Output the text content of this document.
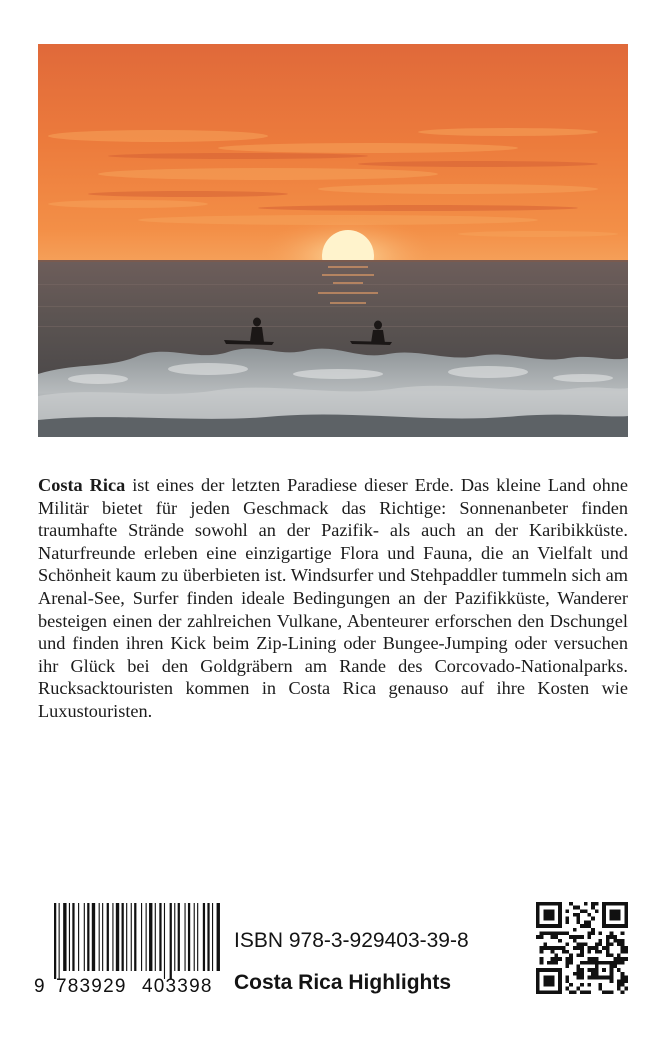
Costa Rica ist eines der letzten Paradiese dieser Erde. Das kleine Land ohne Militär bietet für jeden Geschmack das Richtige: Sonnenanbeter finden traumhafte Strände sowohl an der Pazifik- als auch an der Karibikküste. Naturfreunde erleben eine einzigartige Flora und Fauna, die an Vielfalt und Schönheit kaum zu überbieten ist. Windsurfer und Stehpaddler tummeln sich am Arenal-See, Surfer finden ideale Bedingungen an der Pazifikküste, Wanderer besteigen einen der zahlreichen Vulkane, Abenteurer erforschen den Dschungel und finden ihren Kick beim Zip-Lining oder Bungee-Jumping oder versuchen ihr Glück bei den Goldgräbern am Rande des Corcovado-Nationalparks. Rucksacktouristen kommen in Costa Rica genauso auf ihre Kosten wie Luxustouristen.

9 783929 403398
ISBN 978-3-929403-39-8
Costa Rica Highlights
